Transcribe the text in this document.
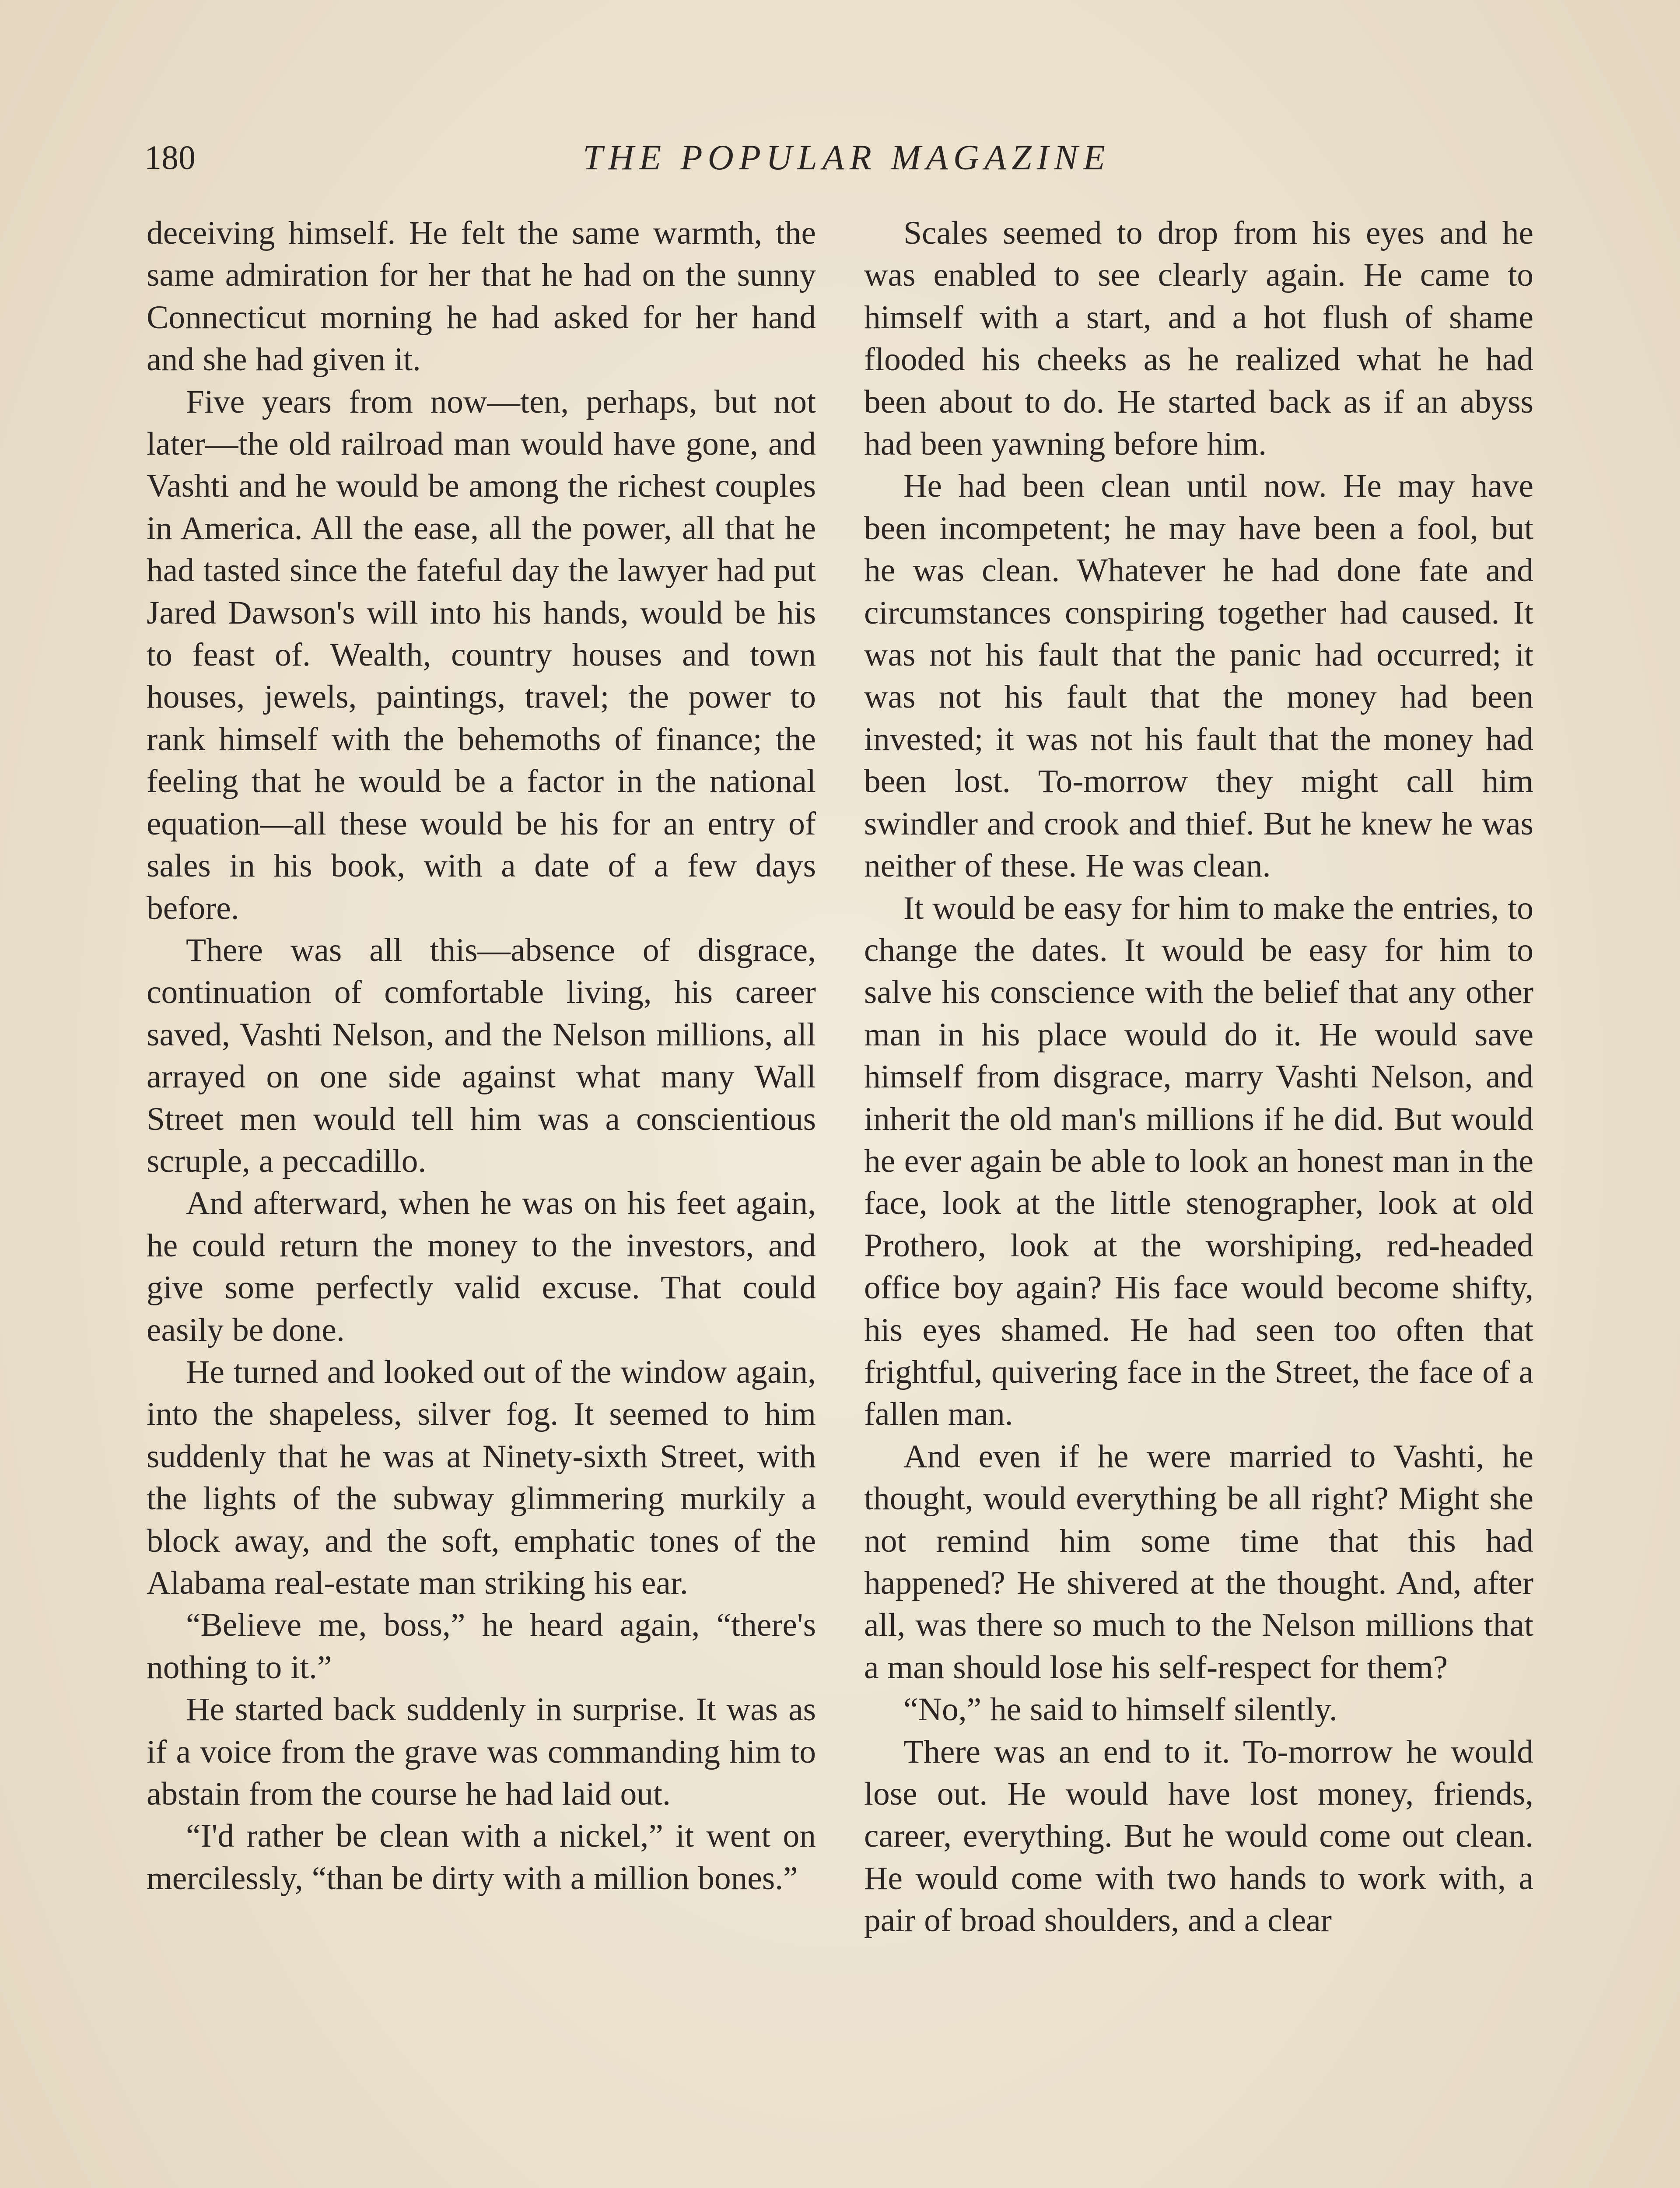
180	THE POPULAR MAGAZINE

deceiving himself. He felt the same warmth, the same admiration for her that he had on the sunny Connecticut morning he had asked for her hand and she had given it.

Five years from now—ten, perhaps, but not later—the old railroad man would have gone, and Vashti and he would be among the richest couples in America. All the ease, all the power, all that he had tasted since the fateful day the lawyer had put Jared Dawson's will into his hands, would be his to feast of. Wealth, country houses and town houses, jewels, paintings, travel; the power to rank himself with the behemoths of finance; the feeling that he would be a factor in the national equation—all these would be his for an entry of sales in his book, with a date of a few days before.

There was all this—absence of disgrace, continuation of comfortable living, his career saved, Vashti Nelson, and the Nelson millions, all arrayed on one side against what many Wall Street men would tell him was a conscientious scruple, a peccadillo.

And afterward, when he was on his feet again, he could return the money to the investors, and give some perfectly valid excuse. That could easily be done.

He turned and looked out of the window again, into the shapeless, silver fog. It seemed to him suddenly that he was at Ninety-sixth Street, with the lights of the subway glimmering murkily a block away, and the soft, emphatic tones of the Alabama real-estate man striking his ear.

“Believe me, boss,” he heard again, “there's nothing to it.”

He started back suddenly in surprise. It was as if a voice from the grave was commanding him to abstain from the course he had laid out.

“I'd rather be clean with a nickel,” it went on mercilessly, “than be dirty with a million bones.”

Scales seemed to drop from his eyes and he was enabled to see clearly again. He came to himself with a start, and a hot flush of shame flooded his cheeks as he realized what he had been about to do. He started back as if an abyss had been yawning before him.

He had been clean until now. He may have been incompetent; he may have been a fool, but he was clean. Whatever he had done fate and circumstances conspiring together had caused. It was not his fault that the panic had occurred; it was not his fault that the money had been invested; it was not his fault that the money had been lost. To-morrow they might call him swindler and crook and thief. But he knew he was neither of these. He was clean.

It would be easy for him to make the entries, to change the dates. It would be easy for him to salve his conscience with the belief that any other man in his place would do it. He would save himself from disgrace, marry Vashti Nelson, and inherit the old man's millions if he did. But would he ever again be able to look an honest man in the face, look at the little stenographer, look at old Prothero, look at the worshiping, red-headed office boy again? His face would become shifty, his eyes shamed. He had seen too often that frightful, quivering face in the Street, the face of a fallen man.

And even if he were married to Vashti, he thought, would everything be all right? Might she not remind him some time that this had happened? He shivered at the thought. And, after all, was there so much to the Nelson millions that a man should lose his self-respect for them?

“No,” he said to himself silently.

There was an end to it. To-morrow he would lose out. He would have lost money, friends, career, everything. But he would come out clean. He would come with two hands to work with, a pair of broad shoulders, and a clear
